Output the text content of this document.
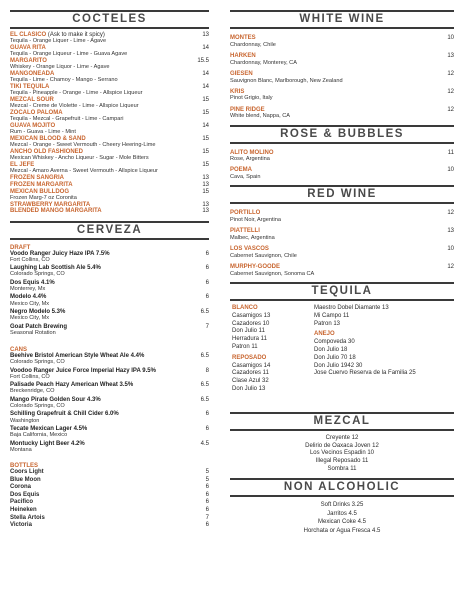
COCTELES
EL CLASICO (Ask to make it spicy)	13
Tequila - Orange Liquer - Lime - Agave
GUAVA RITA	14
Tequila - Orange Liqueur - Lime - Guava Agave
MARGARITO	15.5
Whiskey - Orange Liquor - Lime - Agave
MANGONEADA	14
Tequila - Lime - Chamoy - Mango - Serrano
TIKI TEQUILA	14
Tequila - Pineapple - Orange - Lime - Allspice Liqueur
MEZCAL SOUR	15
Mezcal - Creme de Violette - Lime - Allspice Liqueur
ZOCALO PALOMA	15
Tequila - Mezcal - Grapefruit - Lime - Campari
GUAVA MOJITO	14
Rum - Guava - Lime - Mint
MEXICAN BLOOD & SAND	15
Mezcal - Orange - Sweet Vermouth - Cheery Heering-Lime
ANCHO OLD FASHIONED	15
Mexican Whiskey - Ancho Liqueur - Sugar - Mole Bitters
EL JEFE	15
Mezcal - Amaro Averna - Sweet Vermouth - Allspice Liqueur
FROZEN SANGRIA	13
FROZEN MARGARITA	13
MEXICAN BULLDOG	15
Frozen Marg-7 oz Coronita
STRAWBERRY MARGARITA	13
BLENDED MANGO MARGARITA	13
CERVEZA
DRAFT
Voodo Ranger Juicy Haze IPA 7.5%	6
Fort Collins, CO
Laughing Lab Scottish Ale 5.4%	6
Colorado Springs, CO
Dos Equis 4.1%	6
Monterrey, Mx
Modelo 4.4%	6
Mexico City, Mx
Negro Modelo 5.3%	6.5
Mexico City, Mx
Goat Patch Brewing	7
Seasonal Rotation
CANS
Beehive Bristol American Style Wheat Ale 4.4%	6.5
Colorado Springs, CO
Voodoo Ranger Juice Force Imperial Hazy IPA 9.5%	8
Fort Collins, CO
Palisade Peach Hazy American Wheat 3.5%	6.5
Breckenridge, CO
Mango Pirate Golden Sour 4.3%	6.5
Colorado Springs, CO
Schilling Grapefruit & Chill Cider 6.0%	6
Washington
Tecate Mexican Lager 4.5%	6
Baja California, Mexico
Montucky Light Beer 4.2%	4.5
Montana
BOTTLES
Coors Light	5
Blue Moon	5
Corona	6
Dos Equis	6
Pacifico	6
Heineken	6
Stella Artois	7
Victoria	6
WHITE WINE
MONTES	10
Chardonnay, Chile
HARKEN	13
Chardonnay, Monterey, CA
GIESEN	12
Sauvignon Blanc, Marlborough, New Zealand
KRIS	12
Pinot Grigio, Italy
PINE RIDGE	12
White blend, Nappa, CA
ROSE & BUBBLES
ALITO MOLINO	11
Rose, Argentina
POEMA	10
Cava, Spain
RED WINE
PORTILLO	12
Pinot Noir, Argentina
PIATTELLI	13
Malbec, Argentina
LOS VASCOS	10
Cabernet Sauvignon, Chile
MURPHY-GOODE	12
Cabernet Sauvignon, Sonoma CA
TEQUILA
BLANCO
Casamigos 13
Cazadores 10
Don Julio 11
Herradura 11
Patron 11
REPOSADO
Casamigos 14
Cazadores 11
Clase Azul 32
Don Julio 13
Maestro Dobel Diamante 13
Mi Campo 11
Patron 13
ANEJO
Compoveda 30
Don Julio 18
Don Julio 70 18
Don Julio 1942 30
Jose Cuervo Reserva de la Familia 25
MEZCAL
Creyente 12
Delirio de Oaxaca Joven 12
Los Vecinos Espadin 10
Illegal Reposado 11
Sombra 11
NON ALCOHOLIC
Soft Drinks 3.25
Jarritos 4.5
Mexican Coke 4.5
Horchata or Agua Fresca 4.5
